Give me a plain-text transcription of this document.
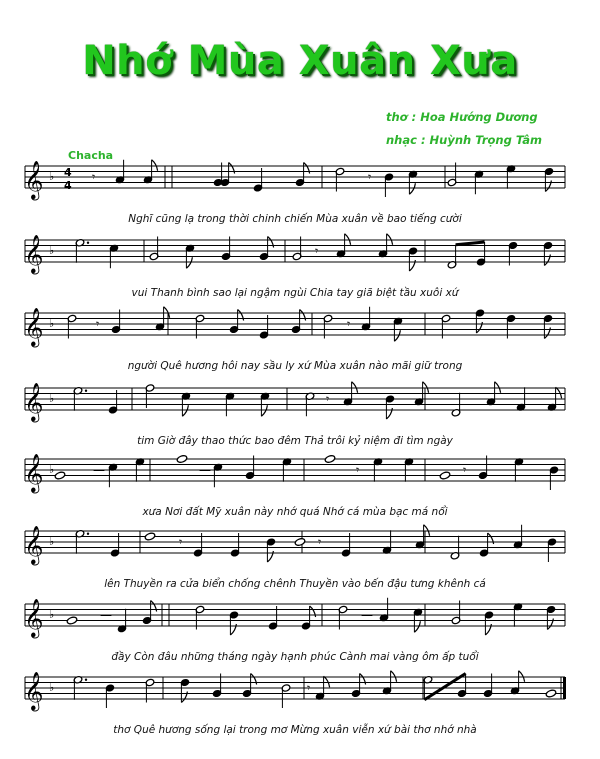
Nhớ Mùa Xuân Xưa
thơ : Hoa Hướng Dương
nhạc : Huỳnh Trọng Tâm
Chacha
𝄞 ♭ 4
4
𝄾	𝄾
Nghĩ cũng lạ trong thời chinh chiến Mùa xuân về bao tiếng cười
𝄞 ♭	𝄾
vui Thanh bình sao lại ngậm ngùi Chia tay giã biệt tầu xuôi xứ
𝄞 ♭	𝄾	𝄾
người Quê hương hôi nay sầu ly xứ Mùa xuân nào mãi giữ trong
𝄞 ♭	𝄾
tim Giờ đây thao thức bao đêm Thả trôi kỷ niệm đi tìm ngày
𝄞 ♭	—	—	𝄾	𝄾
xưa Nơi đất Mỹ xuân này nhớ quá Nhớ cá mùa bạc má nổi
𝄞 ♭	𝄾	𝄾
lên Thuyền ra cửa biển chống chênh Thuyền vào bến đậu tưng khênh cá
𝄞 ♭	—	—
đầy Còn đâu những tháng ngày hạnh phúc Cành mai vàng ôm ấp tuổi
𝄞 ♭	𝄾
thơ Quê hương sống lại trong mơ Mừng xuân viễn xứ bài thơ nhớ nhà
